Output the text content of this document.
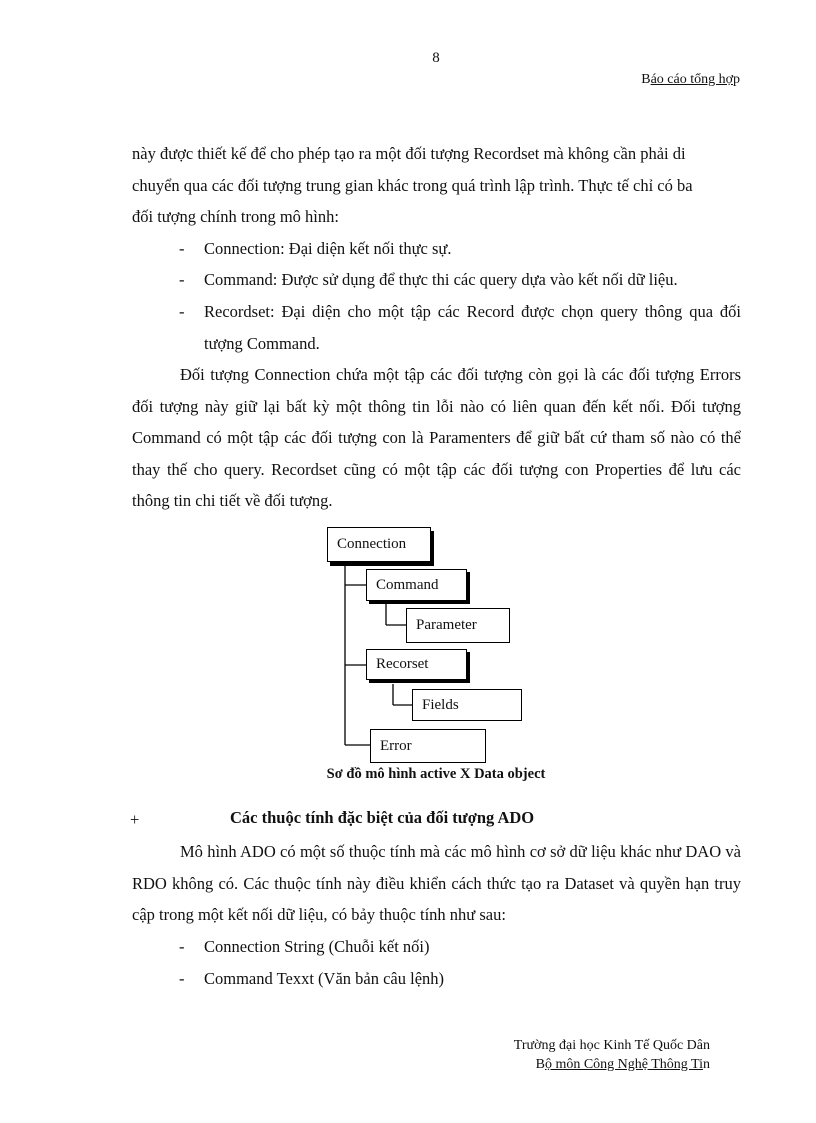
8
Báo cáo tổng hợp
này được thiết kế để cho phép tạo ra một đối tượng Recordset mà không cần phải di
chuyển qua các đối tượng trung gian khác trong quá trình lập trình. Thực tế chỉ có ba
đối tượng chính trong mô hình:
- Connection: Đại diện kết nối thực sự.
- Command: Được sử dụng để thực thi các query dựa vào kết nối dữ liệu.
- Recordset: Đại diện cho một tập các Record được chọn query thông qua đối tượng Command.

Đối tượng Connection chứa một tập các đối tượng còn gọi là các đối tượng Errors đối tượng này giữ lại bất kỳ một thông tin lỗi nào có liên quan đến kết nối. Đối tượng Command có một tập các đối tượng con là Paramenters để giữ bất cứ tham số nào có thể thay thế cho query. Recordset cũng có một tập các đối tượng con Properties để lưu các thông tin chi tiết về đối tượng.

Connection
Command
Parameter
Recorset
Fields
Error
Sơ đồ mô hình active X Data object
+	Các thuộc tính đặc biệt của đối tượng ADO

Mô hình ADO có một số thuộc tính mà các mô hình cơ sở dữ liệu khác như DAO và RDO không có. Các thuộc tính này điều khiển cách thức tạo ra Dataset và quyền hạn truy cập trong một kết nối dữ liệu, có bảy thuộc tính như sau:

- Connection String (Chuỗi kết nối)
- Command Texxt (Văn bản câu lệnh)
Trường đại học Kinh Tế Quốc Dân
Bộ môn Công Nghệ Thông Tin
